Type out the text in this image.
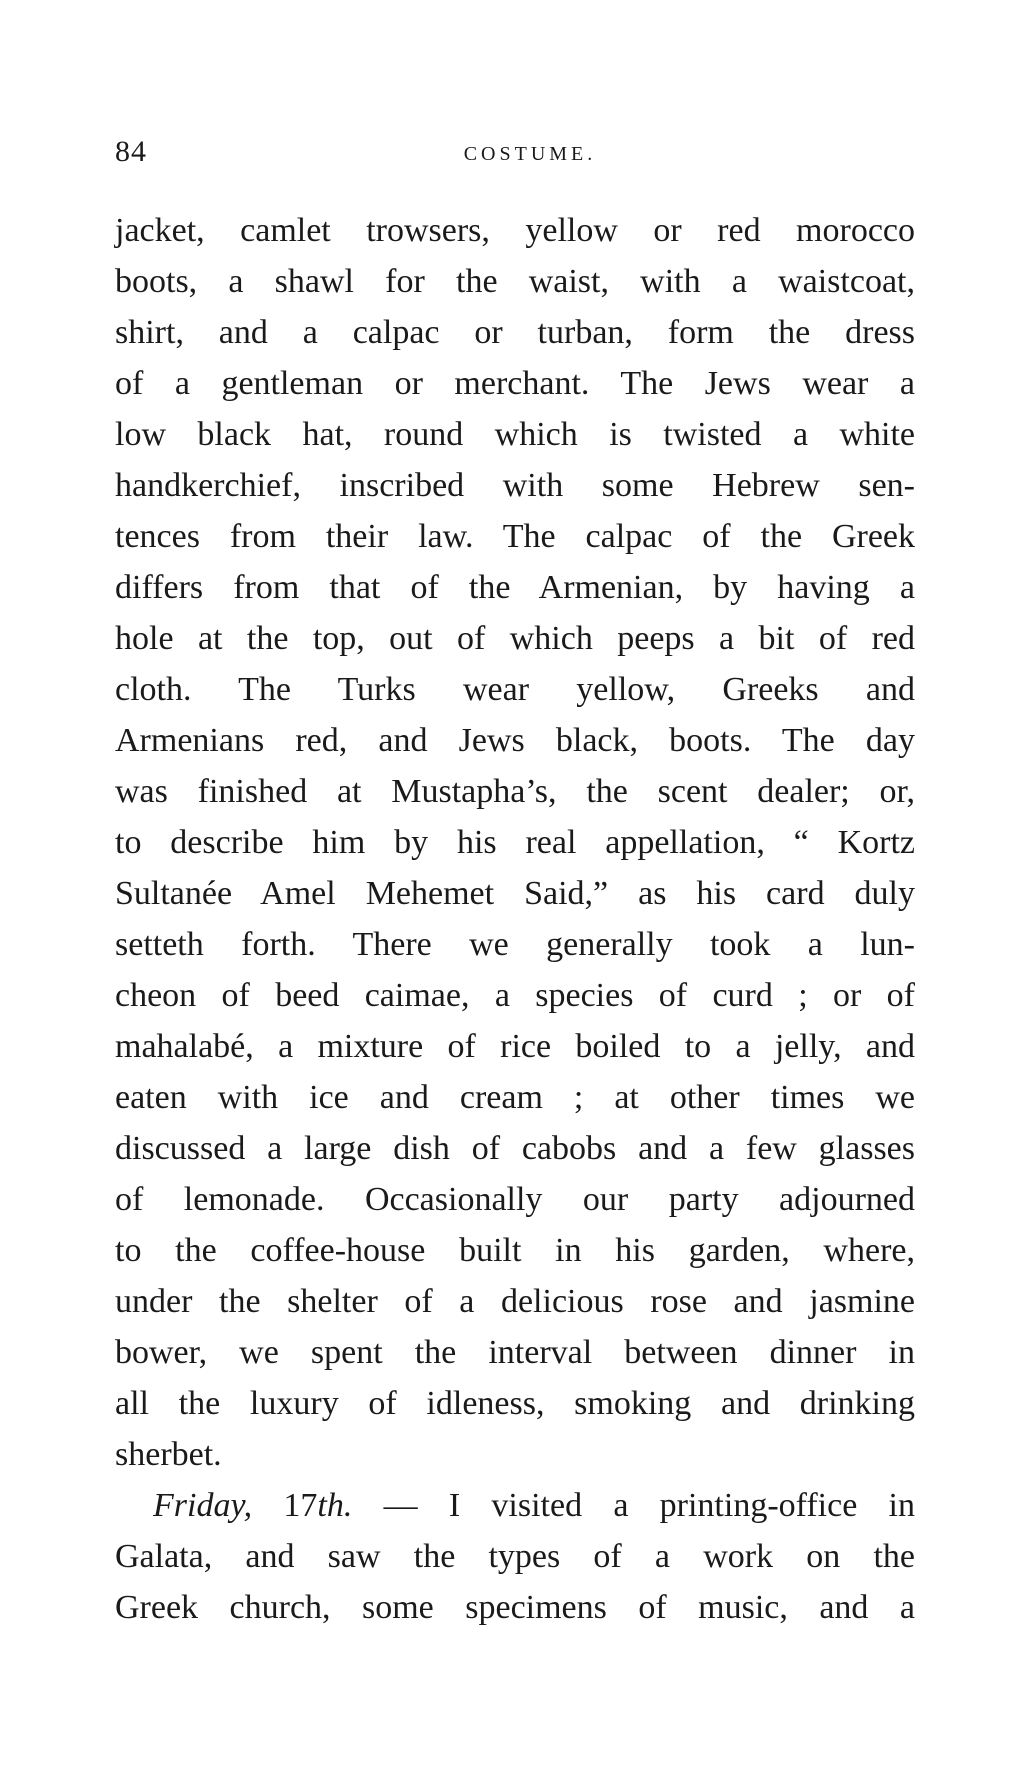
84	COSTUME.
jacket, camlet trowsers, yellow or red morocco
boots, a shawl for the waist, with a waistcoat,
shirt, and a calpac or turban, form the dress
of a gentleman or merchant. The Jews wear a
low black hat, round which is twisted a white
handkerchief, inscribed with some Hebrew sen-
tences from their law. The calpac of the Greek
differs from that of the Armenian, by having a
hole at the top, out of which peeps a bit of red
cloth. The Turks wear yellow, Greeks and
Armenians red, and Jews black, boots. The day
was finished at Mustapha’s, the scent dealer; or,
to describe him by his real appellation, “ Kortz
Sultanée Amel Mehemet Said,” as his card duly
setteth forth. There we generally took a lun-
cheon of beed caimae, a species of curd ; or of
mahalabé, a mixture of rice boiled to a jelly, and
eaten with ice and cream ; at other times we
discussed a large dish of cabobs and a few glasses
of lemonade. Occasionally our party adjourned
to the coffee-house built in his garden, where,
under the shelter of a delicious rose and jasmine
bower, we spent the interval between dinner in
all the luxury of idleness, smoking and drinking
sherbet.
Friday, 17th. — I visited a printing-office in
Galata, and saw the types of a work on the
Greek church, some specimens of music, and a
